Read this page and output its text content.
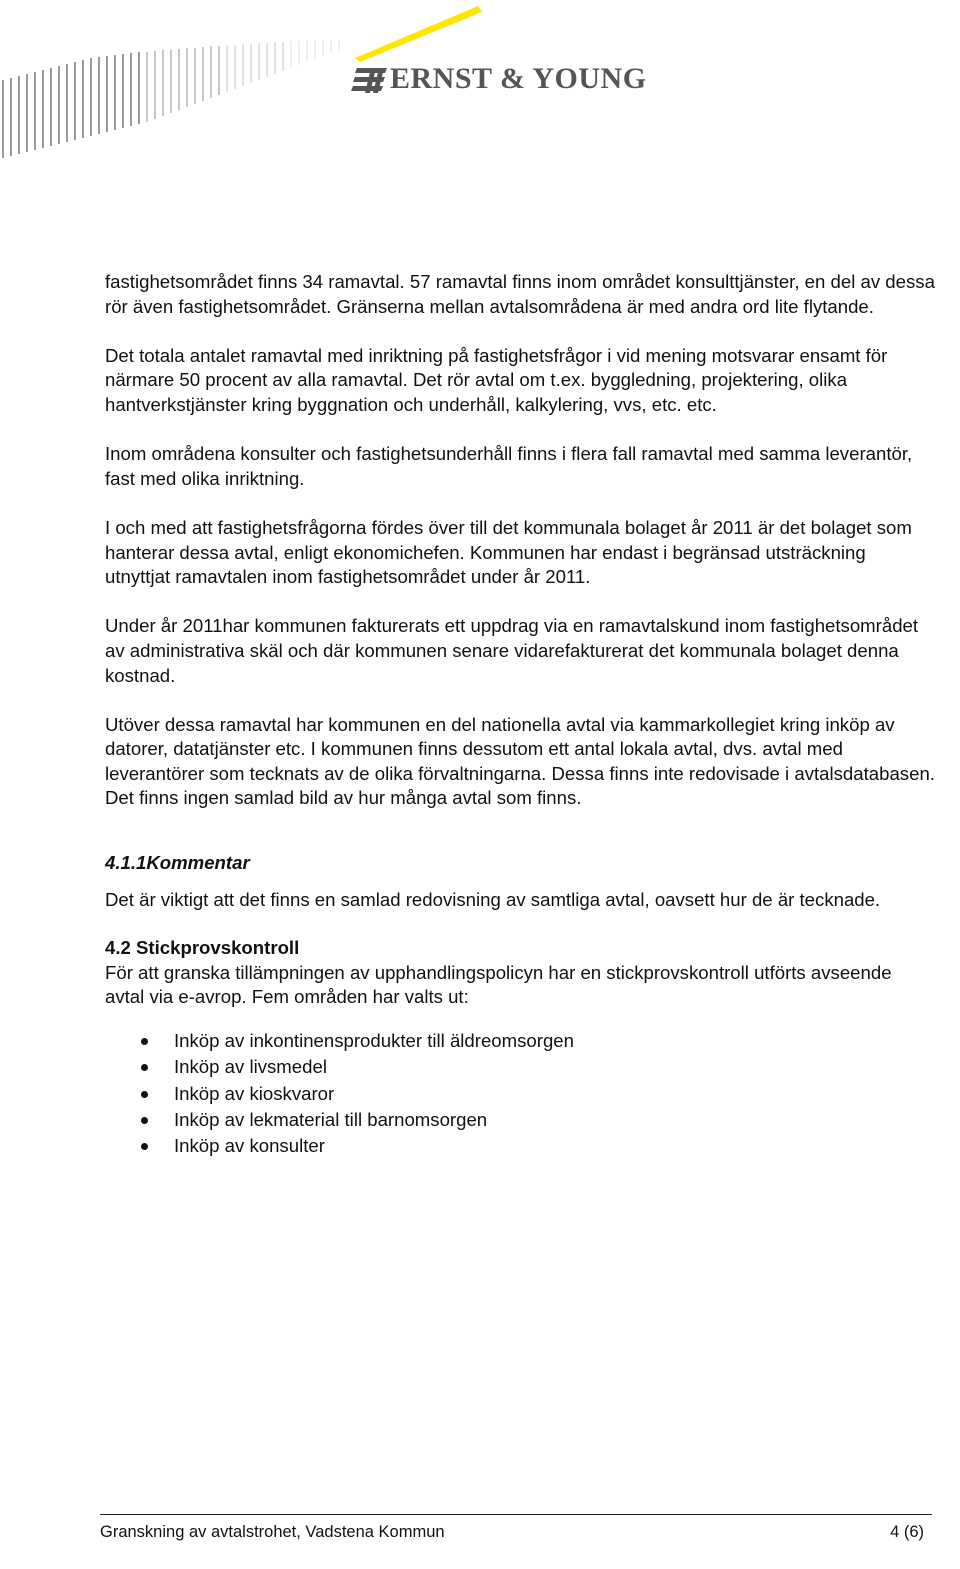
ERNST & YOUNG

fastighetsområdet finns 34 ramavtal. 57 ramavtal finns inom området konsulttjänster, en del av dessa rör även fastighetsområdet. Gränserna mellan avtalsområdena är med andra ord lite flytande.

Det totala antalet ramavtal med inriktning på fastighetsfrågor i vid mening motsvarar ensamt för närmare 50 procent av alla ramavtal. Det rör avtal om t.ex. byggledning, projektering, olika hantverkstjänster kring byggnation och underhåll, kalkylering, vvs, etc. etc.

Inom områdena konsulter och fastighetsunderhåll finns i flera fall ramavtal med samma leverantör, fast med olika inriktning.

I och med att fastighetsfrågorna fördes över till det kommunala bolaget år 2011 är det bolaget som hanterar dessa avtal, enligt ekonomichefen. Kommunen har endast i begränsad utsträckning utnyttjat ramavtalen inom fastighetsområdet under år 2011.

Under år 2011har kommunen fakturerats ett uppdrag via en ramavtalskund inom fastighetsområdet av administrativa skäl och där kommunen senare vidarefakturerat det kommunala bolaget denna kostnad.

Utöver dessa ramavtal har kommunen en del nationella avtal via kammarkollegiet kring inköp av datorer, datatjänster etc. I kommunen finns dessutom ett antal lokala avtal, dvs. avtal med leverantörer som tecknats av de olika förvaltningarna. Dessa finns inte redovisade i avtalsdatabasen. Det finns ingen samlad bild av hur många avtal som finns.

4.1.1Kommentar

Det är viktigt att det finns en samlad redovisning av samtliga avtal, oavsett hur de är tecknade.

4.2 Stickprovskontroll

För att granska tillämpningen av upphandlingspolicyn har en stickprovskontroll utförts avseende avtal via e-avrop. Fem områden har valts ut:

Inköp av inkontinensprodukter till äldreomsorgen
Inköp av livsmedel
Inköp av kioskvaror
Inköp av lekmaterial till barnomsorgen
Inköp av konsulter
Granskning av avtalstrohet, Vadstena Kommun	4 (6)
